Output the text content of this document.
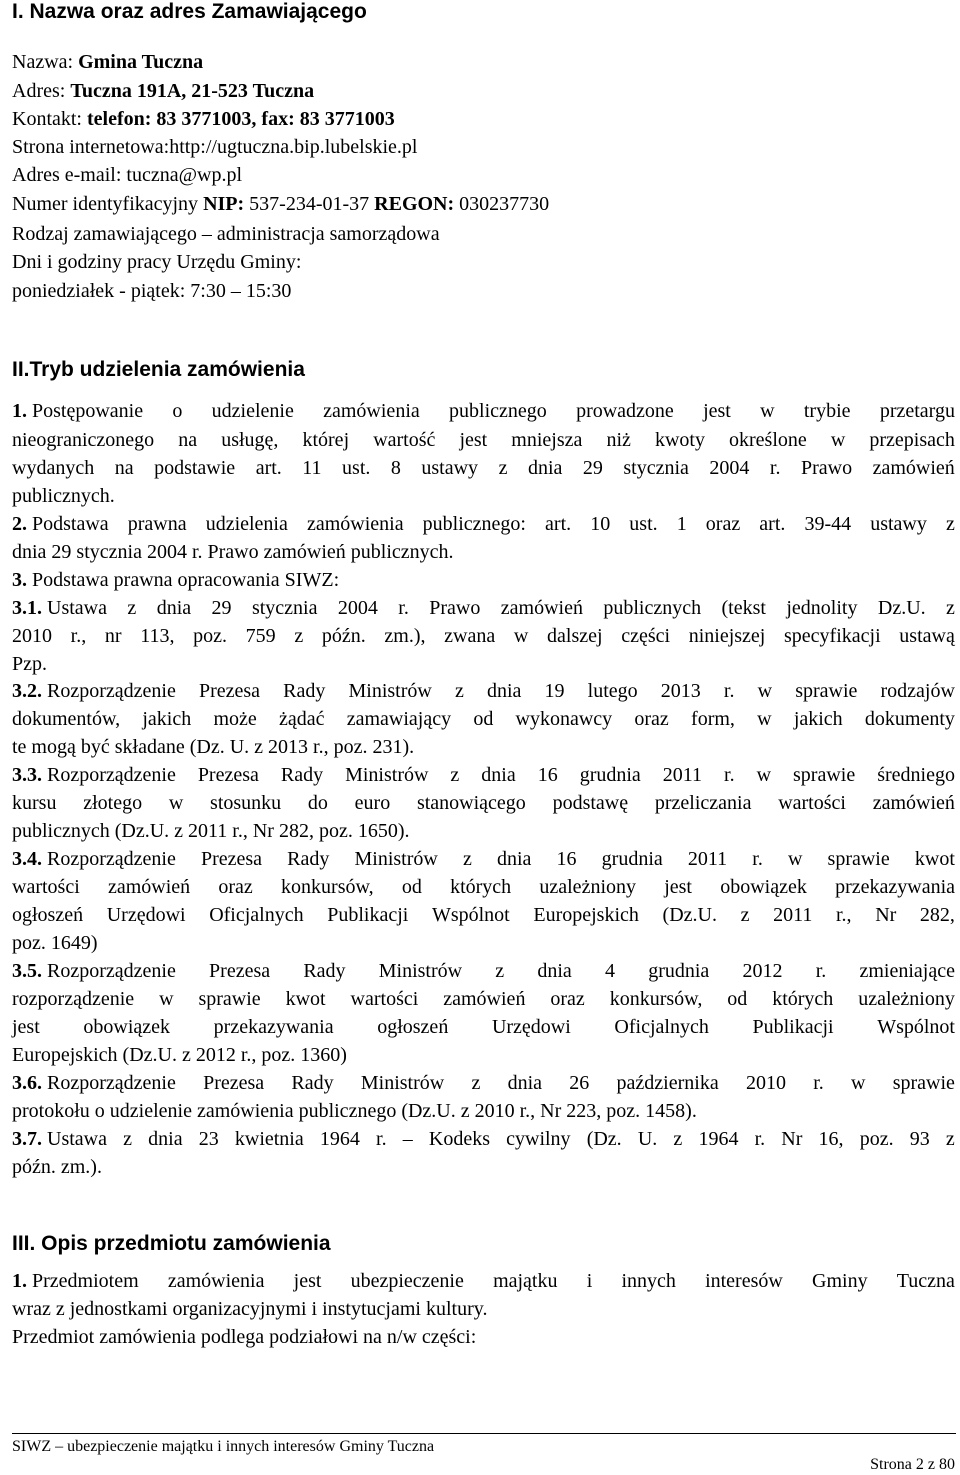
I. Nazwa oraz adres Zamawiającego
Nazwa: Gmina Tuczna
Adres: Tuczna 191A, 21-523 Tuczna
Kontakt: telefon: 83 3771003, fax: 83 3771003
Strona internetowa:http://ugtuczna.bip.lubelskie.pl
Adres e-mail: tuczna@wp.pl
Numer identyfikacyjny NIP: 537-234-01-37 REGON: 030237730
Rodzaj zamawiającego – administracja samorządowa
Dni i godziny pracy Urzędu Gminy:
poniedziałek - piątek: 7:30 – 15:30
II.Tryb udzielenia zamówienia
1. Postępowanie o udzielenie zamówienia publicznego prowadzone jest w trybie przetargu
nieograniczonego na usługę, której wartość jest mniejsza niż kwoty określone w przepisach
wydanych na podstawie art. 11 ust. 8 ustawy z dnia 29 stycznia 2004 r. Prawo zamówień
publicznych.
2. Podstawa prawna udzielenia zamówienia publicznego: art. 10 ust. 1 oraz art. 39-44 ustawy z
dnia 29 stycznia 2004 r. Prawo zamówień publicznych.
3. Podstawa prawna opracowania SIWZ:
3.1. Ustawa z dnia 29 stycznia 2004 r. Prawo zamówień publicznych (tekst jednolity Dz.U. z
2010 r., nr 113, poz. 759 z późn. zm.), zwana w dalszej części niniejszej specyfikacji ustawą
Pzp.
3.2. Rozporządzenie Prezesa Rady Ministrów z dnia 19 lutego 2013 r. w sprawie rodzajów
dokumentów, jakich może żądać zamawiający od wykonawcy oraz form, w jakich dokumenty
te mogą być składane (Dz. U. z 2013 r., poz. 231).
3.3. Rozporządzenie Prezesa Rady Ministrów z dnia 16 grudnia 2011 r. w sprawie średniego
kursu złotego w stosunku do euro stanowiącego podstawę przeliczania wartości zamówień
publicznych (Dz.U. z 2011 r., Nr 282, poz. 1650).
3.4. Rozporządzenie Prezesa Rady Ministrów z dnia 16 grudnia 2011 r. w sprawie kwot
wartości zamówień oraz konkursów, od których uzależniony jest obowiązek przekazywania
ogłoszeń Urzędowi Oficjalnych Publikacji Wspólnot Europejskich (Dz.U. z 2011 r., Nr 282,
poz. 1649)
3.5. Rozporządzenie Prezesa Rady Ministrów z dnia 4 grudnia 2012 r. zmieniające
rozporządzenie w sprawie kwot wartości zamówień oraz konkursów, od których uzależniony
jest obowiązek przekazywania ogłoszeń Urzędowi Oficjalnych Publikacji Wspólnot
Europejskich (Dz.U. z 2012 r., poz. 1360)
3.6. Rozporządzenie Prezesa Rady Ministrów z dnia 26 października 2010 r. w sprawie
protokołu o udzielenie zamówienia publicznego (Dz.U. z 2010 r., Nr 223, poz. 1458).
3.7. Ustawa z dnia 23 kwietnia 1964 r. – Kodeks cywilny (Dz. U. z 1964 r. Nr 16, poz. 93 z
późn. zm.).
III. Opis przedmiotu zamówienia
1. Przedmiotem zamówienia jest ubezpieczenie majątku i innych interesów Gminy Tuczna
wraz z jednostkami organizacyjnymi i instytucjami kultury.
Przedmiot zamówienia podlega podziałowi na n/w części:
SIWZ – ubezpieczenie majątku i innych interesów Gminy Tuczna
Strona 2 z 80
